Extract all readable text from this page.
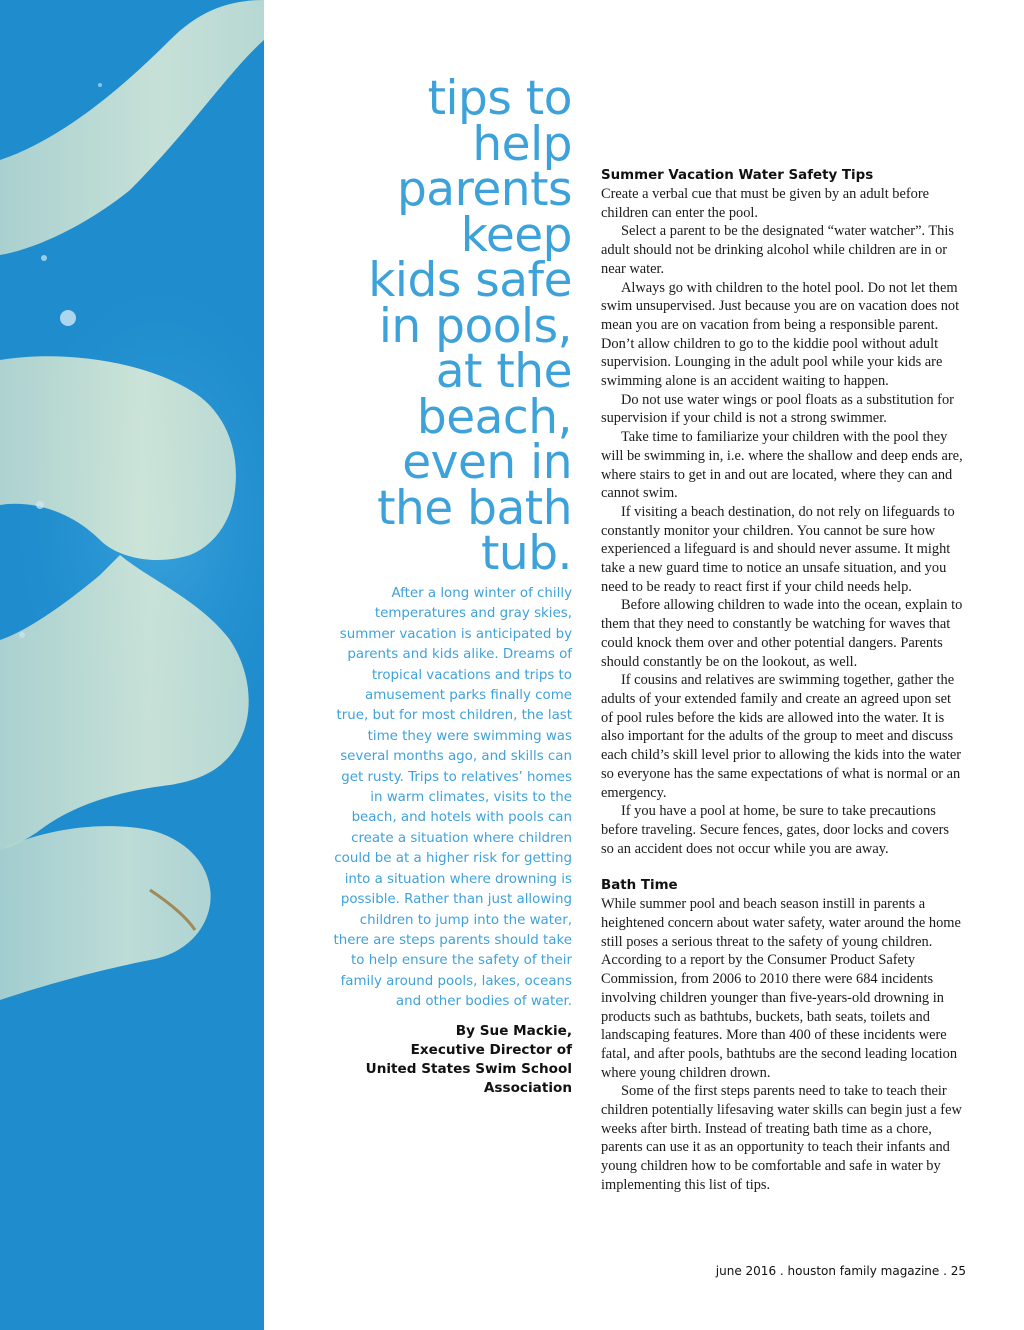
tips to
help
parents
keep
kids safe
in pools,
at the
beach,
even in
the bath
tub.

After a long winter of chilly temperatures and gray skies, summer vacation is anticipated by parents and kids alike. Dreams of tropical vacations and trips to amusement parks finally come true, but for most children, the last time they were swimming was several months ago, and skills can get rusty. Trips to relatives’ homes in warm climates, visits to the beach, and hotels with pools can create a situation where children could be at a higher risk for getting into a situation where drowning is possible. Rather than just allowing children to jump into the water, there are steps parents should take to help ensure the safety of their family around pools, lakes, oceans and other bodies of water.

By Sue Mackie,
Executive Director of
United States Swim School
Association
Summer Vacation Water Safety Tips

Create a verbal cue that must be given by an adult before children can enter the pool.

Select a parent to be the designated “water watcher”. This adult should not be drinking alcohol while children are in or near water.

Always go with children to the hotel pool. Do not let them swim unsupervised. Just because you are on vacation does not mean you are on vacation from being a responsible parent. Don’t allow children to go to the kiddie pool without adult supervision. Lounging in the adult pool while your kids are swimming alone is an accident waiting to happen.

Do not use water wings or pool floats as a substitution for supervision if your child is not a strong swimmer.

Take time to familiarize your children with the pool they will be swimming in, i.e. where the shallow and deep ends are, where stairs to get in and out are located, where they can and cannot swim.

If visiting a beach destination, do not rely on lifeguards to constantly monitor your children. You cannot be sure how experienced a lifeguard is and should never assume. It might take a new guard time to notice an unsafe situation, and you need to be ready to react first if your child needs help.

Before allowing children to wade into the ocean, explain to them that they need to constantly be watching for waves that could knock them over and other potential dangers. Parents should constantly be on the lookout, as well.

If cousins and relatives are swimming together, gather the adults of your extended family and create an agreed upon set of pool rules before the kids are allowed into the water. It is also important for the adults of the group to meet and discuss each child’s skill level prior to allowing the kids into the water so everyone has the same expectations of what is normal or an emergency.

If you have a pool at home, be sure to take precautions before traveling. Secure fences, gates, door locks and covers so an accident does not occur while you are away.

Bath Time

While summer pool and beach season instill in parents a heightened concern about water safety, water around the home still poses a serious threat to the safety of young children. According to a report by the Consumer Product Safety Commission, from 2006 to 2010 there were 684 incidents involving children younger than five-years-old drowning in products such as bathtubs, buckets, bath seats, toilets and landscaping features. More than 400 of these incidents were fatal, and after pools, bathtubs are the second leading location where young children drown.

Some of the first steps parents need to take to teach their children potentially lifesaving water skills can begin just a few weeks after birth. Instead of treating bath time as a chore, parents can use it as an opportunity to teach their infants and young children how to be comfortable and safe in water by implementing this list of tips.

june 2016 . houston family magazine . 25
